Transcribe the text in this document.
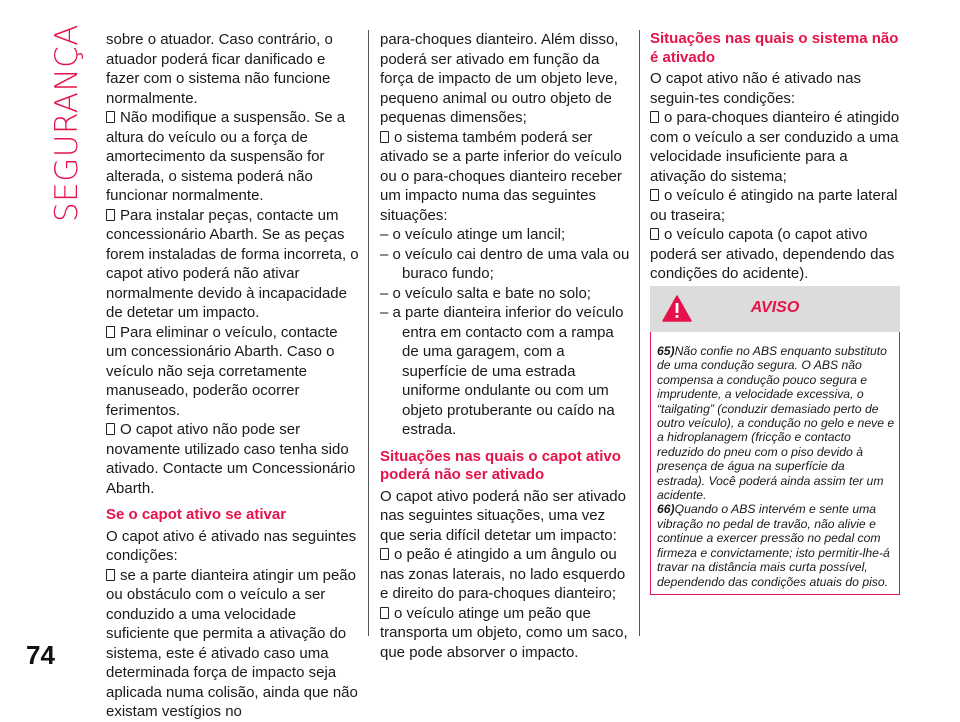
SEGURANÇA
74

sobre o atuador. Caso contrário, o atuador poderá ficar danificado e fazer com o sistema não funcione normalmente.

Não modifique a suspensão. Se a altura do veículo ou a força de amortecimento da suspensão for alterada, o sistema poderá não funcionar normalmente.

Para instalar peças, contacte um concessionário Abarth. Se as peças forem instaladas de forma incorreta, o capot ativo poderá não ativar normalmente devido à incapacidade de detetar um impacto.

Para eliminar o veículo, contacte um concessionário Abarth. Caso o veículo não seja corretamente manuseado, poderão ocorrer ferimentos.

O capot ativo não pode ser novamente utilizado caso tenha sido ativado. Contacte um Concessionário Abarth.

Se o capot ativo se ativar

O capot ativo é ativado nas seguintes condições:

se a parte dianteira atingir um peão ou obstáculo com o veículo a ser conduzido a uma velocidade suficiente que permita a ativação do sistema, este é ativado caso uma determinada força de impacto seja aplicada numa colisão, ainda que não existam vestígios no

para-choques dianteiro. Além disso, poderá ser ativado em função da força de impacto de um objeto leve, pequeno animal ou outro objeto de pequenas dimensões;

o sistema também poderá ser ativado se a parte inferior do veículo ou o para-choques dianteiro receber um impacto numa das seguintes situações:

– o veículo atinge um lancil;

– o veículo cai dentro de uma vala ou buraco fundo;

– o veículo salta e bate no solo;

– a parte dianteira inferior do veículo entra em contacto com a rampa de uma garagem, com a superfície de uma estrada uniforme ondulante ou com um objeto protuberante ou caído na estrada.

Situações nas quais o capot ativo poderá não ser ativado

O capot ativo poderá não ser ativado nas seguintes situações, uma vez que seria difícil detetar um impacto:

o peão é atingido a um ângulo ou nas zonas laterais, no lado esquerdo e direito do para-choques dianteiro;

o veículo atinge um peão que transporta um objeto, como um saco, que pode absorver o impacto.

Situações nas quais o sistema não é ativado

O capot ativo não é ativado nas seguin-tes condições:

o para-choques dianteiro é atingido com o veículo a ser conduzido a uma velocidade insuficiente para a ativação do sistema;

o veículo é atingido na parte lateral ou traseira;

o veículo capota (o capot ativo poderá ser ativado, dependendo das condições do acidente).

AVISO

65)Não confie no ABS enquanto substituto de uma condução segura. O ABS não compensa a condução pouco segura e imprudente, a velocidade excessiva, o “tailgating” (conduzir demasiado perto de outro veículo), a condução no gelo e neve e a hidroplanagem (fricção e contacto reduzido do pneu com o piso devido à presença de água na superfície da estrada). Você poderá ainda assim ter um acidente.

66)Quando o ABS intervém e sente uma vibração no pedal de travão, não alivie e continue a exercer pressão no pedal com firmeza e convictamente; isto permitir-lhe-á travar na distância mais curta possível, dependendo das condições atuais do piso.
